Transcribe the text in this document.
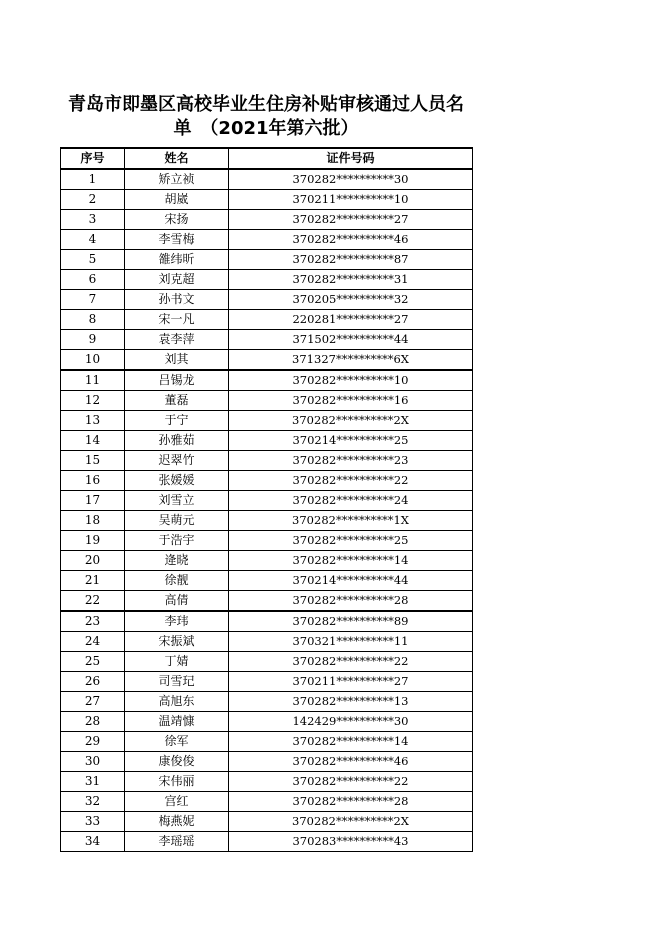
青岛市即墨区高校毕业生住房补贴审核通过人员名
单　（2021年第六批）
序号	姓名	证件号码
1	矫立祯	370282**********30
2	胡崴	370211**********10
3	宋扬	370282**********27
4	李雪梅	370282**********46
5	雒纬昕	370282**********87
6	刘克超	370282**********31
7	孙书文	370205**********32
8	宋一凡	220281**********27
9	袁李萍	371502**********44
10	刘其	371327**********6X
11	吕锡龙	370282**********10
12	董磊	370282**********16
13	于宁	370282**********2X
14	孙雅茹	370214**********25
15	迟翠竹	370282**********23
16	张媛媛	370282**********22
17	刘雪立	370282**********24
18	吴萌元	370282**********1X
19	于浩宇	370282**********25
20	逄晓	370282**********14
21	徐靓	370214**********44
22	高倩	370282**********28
23	李玮	370282**********89
24	宋振斌	370321**********11
25	丁婧	370282**********22
26	司雪玘	370211**********27
27	高旭东	370282**********13
28	温靖慷	142429**********30
29	徐军	370282**********14
30	康俊俊	370282**********46
31	宋伟丽	370282**********22
32	宫红	370282**********28
33	梅燕妮	370282**********2X
34	李瑶瑶	370283**********43
